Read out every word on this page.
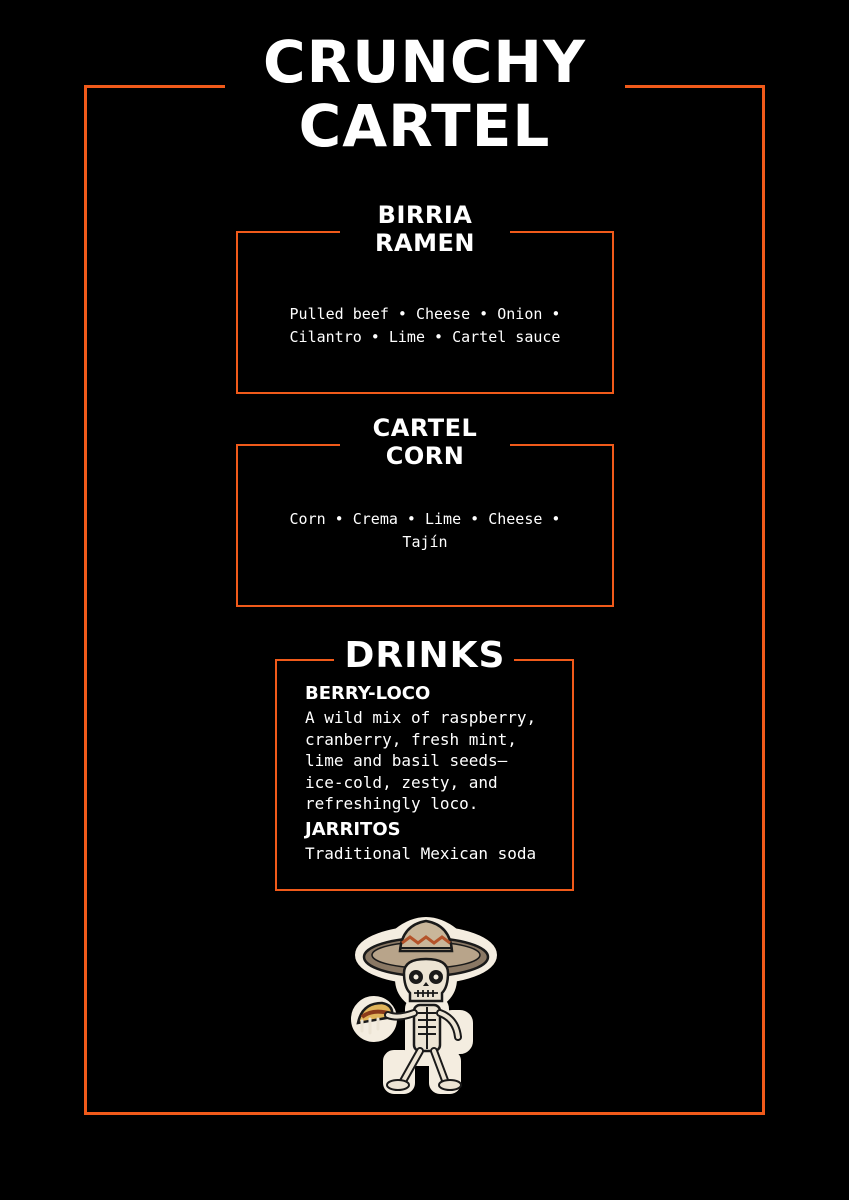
CRUNCHY
CARTEL
BIRRIA
RAMEN

Pulled beef • Cheese • Onion •
Cilantro • Lime • Cartel sauce

CARTEL
CORN

Corn • Crema • Lime • Cheese •
Tajín

DRINKS
BERRY-LOCO

A wild mix of raspberry,
cranberry, fresh mint,
lime and basil seeds—
ice-cold, zesty, and
refreshingly loco.

JARRITOS

Traditional Mexican soda
